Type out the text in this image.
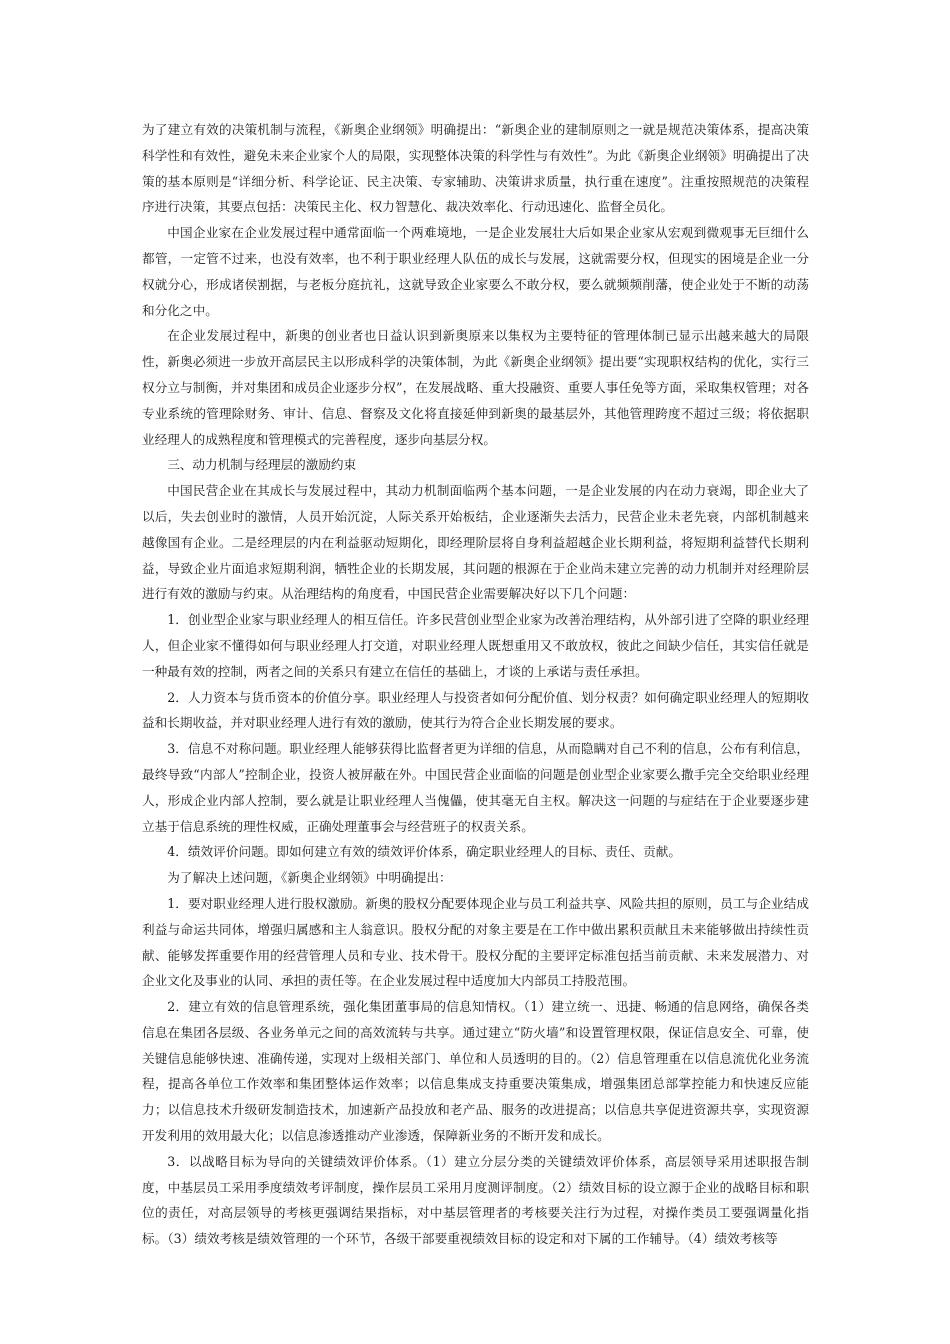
为了建立有效的决策机制与流程，《新奥企业纲领》明确提出：“新奥企业的建制原则之一就是规范决策体系，提高决策科学性和有效性，避免未来企业家个人的局限，实现整体决策的科学性与有效性”。为此《新奥企业纲领》明确提出了决策的基本原则是“详细分析、科学论证、民主决策、专家辅助、决策讲求质量，执行重在速度”。注重按照规范的决策程序进行决策，其要点包括：决策民主化、权力智慧化、裁决效率化、行动迅速化、监督全员化。

中国企业家在企业发展过程中通常面临一个两难境地，一是企业发展壮大后如果企业家从宏观到微观事无巨细什么都管，一定管不过来，也没有效率，也不利于职业经理人队伍的成长与发展，这就需要分权，但现实的困境是企业一分权就分心，形成诸侯割据，与老板分庭抗礼，这就导致企业家要么不敢分权，要么就频频削藩，使企业处于不断的动荡和分化之中。

在企业发展过程中，新奥的创业者也日益认识到新奥原来以集权为主要特征的管理体制已显示出越来越大的局限性，新奥必须进一步放开高层民主以形成科学的决策体制，为此《新奥企业纲领》提出要“实现职权结构的优化，实行三权分立与制衡，并对集团和成员企业逐步分权”，在发展战略、重大投融资、重要人事任免等方面，采取集权管理；对各专业系统的管理除财务、审计、信息、督察及文化将直接延伸到新奥的最基层外，其他管理跨度不超过三级；将依据职业经理人的成熟程度和管理模式的完善程度，逐步向基层分权。

三、动力机制与经理层的激励约束

中国民营企业在其成长与发展过程中，其动力机制面临两个基本问题，一是企业发展的内在动力衰竭，即企业大了以后，失去创业时的激情，人员开始沉淀，人际关系开始板结，企业逐渐失去活力，民营企业未老先衰，内部机制越来越像国有企业。二是经理层的内在利益驱动短期化，即经理阶层将自身利益超越企业长期利益，将短期利益替代长期利益，导致企业片面追求短期利润，牺牲企业的长期发展，其问题的根源在于企业尚未建立完善的动力机制并对经理阶层进行有效的激励与约束。从治理结构的角度看，中国民营企业需要解决好以下几个问题：

1．创业型企业家与职业经理人的相互信任。许多民营创业型企业家为改善治理结构，从外部引进了空降的职业经理人，但企业家不懂得如何与职业经理人打交道，对职业经理人既想重用又不敢放权，彼此之间缺少信任，其实信任就是一种最有效的控制，两者之间的关系只有建立在信任的基础上，才谈的上承诺与责任承担。

2．人力资本与货币资本的价值分享。职业经理人与投资者如何分配价值、划分权责？如何确定职业经理人的短期收益和长期收益，并对职业经理人进行有效的激励，使其行为符合企业长期发展的要求。

3．信息不对称问题。职业经理人能够获得比监督者更为详细的信息，从而隐瞒对自己不利的信息，公布有利信息，最终导致“内部人”控制企业，投资人被屏蔽在外。中国民营企业面临的问题是创业型企业家要么撒手完全交给职业经理人，形成企业内部人控制，要么就是让职业经理人当傀儡，使其毫无自主权。解决这一问题的与症结在于企业要逐步建立基于信息系统的理性权威，正确处理董事会与经营班子的权责关系。

4．绩效评价问题。即如何建立有效的绩效评价体系，确定职业经理人的目标、责任、贡献。

为了解决上述问题，《新奥企业纲领》中明确提出：

1．要对职业经理人进行股权激励。新奥的股权分配要体现企业与员工利益共享、风险共担的原则，员工与企业结成利益与命运共同体，增强归属感和主人翁意识。股权分配的对象主要是在工作中做出累积贡献且未来能够做出持续性贡献、能够发挥重要作用的经营管理人员和专业、技术骨干。股权分配的主要评定标准包括当前贡献、未来发展潜力、对企业文化及事业的认同、承担的责任等。在企业发展过程中适度加大内部员工持股范围。

2．建立有效的信息管理系统，强化集团董事局的信息知情权。（1）建立统一、迅捷、畅通的信息网络，确保各类信息在集团各层级、各业务单元之间的高效流转与共享。通过建立“防火墙”和设置管理权限，保证信息安全、可靠，使关键信息能够快速、准确传递，实现对上级相关部门、单位和人员透明的目的。（2）信息管理重在以信息流优化业务流程，提高各单位工作效率和集团整体运作效率；以信息集成支持重要决策集成，增强集团总部掌控能力和快速反应能力；以信息技术升级研发制造技术，加速新产品投放和老产品、服务的改进提高；以信息共享促进资源共享，实现资源开发利用的效用最大化；以信息渗透推动产业渗透，保障新业务的不断开发和成长。

3．以战略目标为导向的关键绩效评价体系。（1）建立分层分类的关键绩效评价体系，高层领导采用述职报告制度，中基层员工采用季度绩效考评制度，操作层员工采用月度测评制度。（2）绩效目标的设立源于企业的战略目标和职位的责任，对高层领导的考核更强调结果指标，对中基层管理者的考核要关注行为过程，对操作类员工要强调量化指标。（3）绩效考核是绩效管理的一个环节，各级干部要重视绩效目标的设定和对下属的工作辅导。（4）绩效考核等
